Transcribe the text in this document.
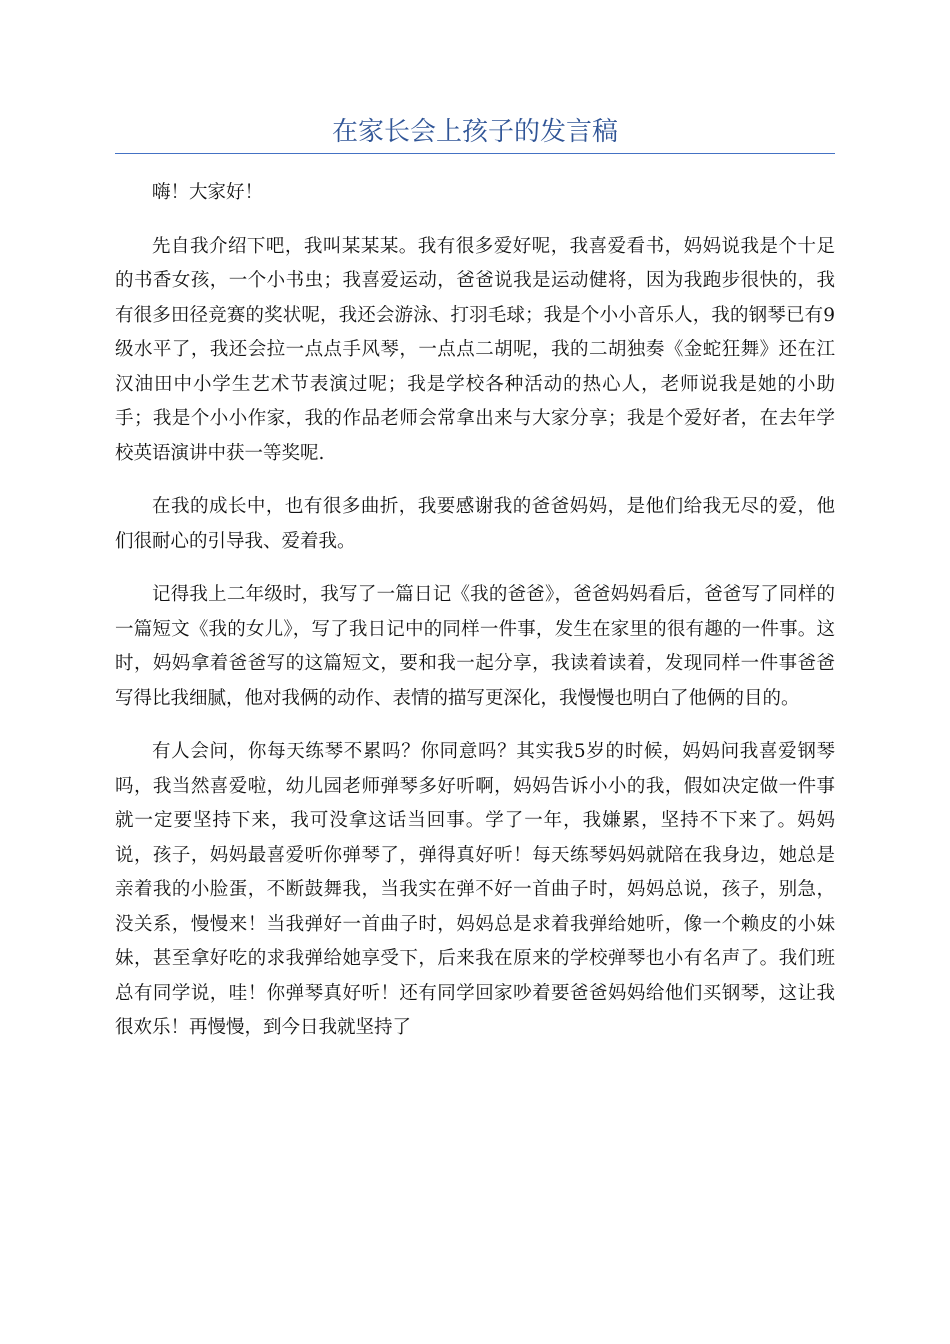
在家长会上孩子的发言稿

嗨！大家好！

先自我介绍下吧，我叫某某某。我有很多爱好呢，我喜爱看书，妈妈说我是个十足的书香女孩，一个小书虫；我喜爱运动，爸爸说我是运动健将，因为我跑步很快的，我有很多田径竞赛的奖状呢，我还会游泳、打羽毛球；我是个小小音乐人，我的钢琴已有9级水平了，我还会拉一点点手风琴，一点点二胡呢，我的二胡独奏《金蛇狂舞》还在江汉油田中小学生艺术节表演过呢；我是学校各种活动的热心人，老师说我是她的小助手；我是个小小作家，我的作品老师会常拿出来与大家分享；我是个爱好者，在去年学校英语演讲中获一等奖呢.

在我的成长中，也有很多曲折，我要感谢我的爸爸妈妈，是他们给我无尽的爱，他们很耐心的引导我、爱着我。

记得我上二年级时，我写了一篇日记《我的爸爸》，爸爸妈妈看后，爸爸写了同样的一篇短文《我的女儿》，写了我日记中的同样一件事，发生在家里的很有趣的一件事。这时，妈妈拿着爸爸写的这篇短文，要和我一起分享，我读着读着，发现同样一件事爸爸写得比我细腻，他对我俩的动作、表情的描写更深化，我慢慢也明白了他俩的目的。

有人会问，你每天练琴不累吗？你同意吗？其实我5岁的时候，妈妈问我喜爱钢琴吗，我当然喜爱啦，幼儿园老师弹琴多好听啊，妈妈告诉小小的我，假如决定做一件事就一定要坚持下来，我可没拿这话当回事。学了一年，我嫌累，坚持不下来了。妈妈说，孩子，妈妈最喜爱听你弹琴了，弹得真好听！每天练琴妈妈就陪在我身边，她总是亲着我的小脸蛋，不断鼓舞我，当我实在弹不好一首曲子时，妈妈总说，孩子，别急，没关系，慢慢来！当我弹好一首曲子时，妈妈总是求着我弹给她听，像一个赖皮的小妹妹，甚至拿好吃的求我弹给她享受下，后来我在原来的学校弹琴也小有名声了。我们班总有同学说，哇！你弹琴真好听！还有同学回家吵着要爸爸妈妈给他们买钢琴，这让我很欢乐！再慢慢，到今日我就坚持了
